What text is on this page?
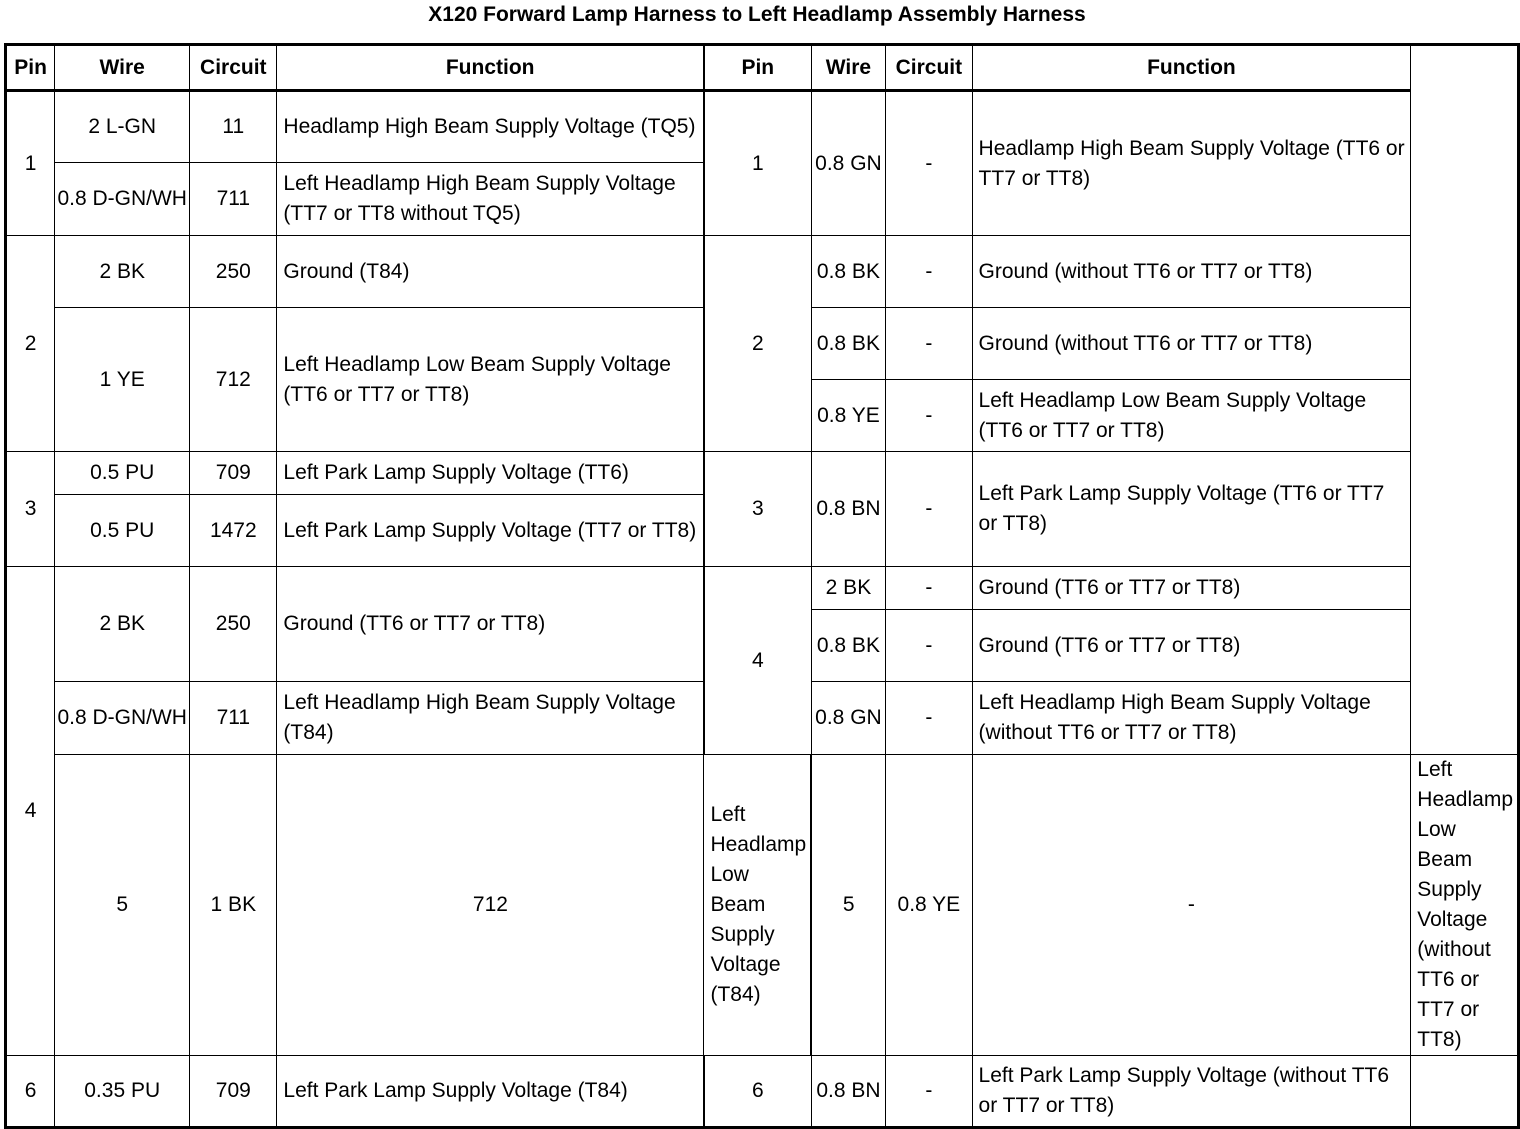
X120 Forward Lamp Harness to Left Headlamp Assembly Harness
Pin	Wire	Circuit	Function	Pin	Wire	Circuit	Function	
1	2 L-GN	11	Headlamp High Beam Supply Voltage (TQ5)	1	0.8 GN	-	Headlamp High Beam Supply Voltage (TT6 or TT7 or TT8)	
	0.8 D-GN/WH	711	Left Headlamp High Beam Supply Voltage (TT7 or TT8 without TQ5)					
2	2 BK	250	Ground (T84)	2	0.8 BK	-	Ground (without TT6 or TT7 or TT8)	
	1 YE	712	Left Headlamp Low Beam Supply Voltage (TT6 or TT7 or TT8)		0.8 BK	-	Ground (without TT6 or TT7 or TT8)	
					0.8 YE	-	Left Headlamp Low Beam Supply Voltage (TT6 or TT7 or TT8)	
3	0.5 PU	709	Left Park Lamp Supply Voltage (TT6)	3	0.8 BN	-	Left Park Lamp Supply Voltage (TT6 or TT7 or TT8)	
	0.5 PU	1472	Left Park Lamp Supply Voltage (TT7 or TT8)					
4	2 BK	250	Ground (TT6 or TT7 or TT8)	4	2 BK	-	Ground (TT6 or TT7 or TT8)	
					0.8 BK	-	Ground (TT6 or TT7 or TT8)	
	0.8 D-GN/WH	711	Left Headlamp High Beam Supply Voltage (T84)		0.8 GN	-	Left Headlamp High Beam Supply Voltage (without TT6 or TT7 or TT8)	
	5	1 BK	712	Left Headlamp Low Beam Supply Voltage (T84)	5	0.8 YE	-	Left Headlamp Low Beam Supply Voltage (without TT6 or TT7 or TT8)
6	0.35 PU	709	Left Park Lamp Supply Voltage (T84)	6	0.8 BN	-	Left Park Lamp Supply Voltage (without TT6 or TT7 or TT8)	
